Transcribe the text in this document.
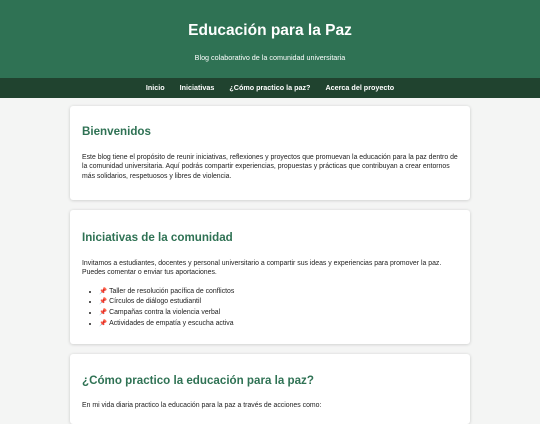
Educación para la Paz

Blog colaborativo de la comunidad universitaria

Inicio	Iniciativas	¿Cómo practico la paz?	Acerca del proyecto
Bienvenidos

Este blog tiene el propósito de reunir iniciativas, reflexiones y proyectos que promuevan la educación para la paz dentro de la comunidad universitaria. Aquí podrás compartir experiencias, propuestas y prácticas que contribuyan a crear entornos más solidarios, respetuosos y libres de violencia.

Iniciativas de la comunidad

Invitamos a estudiantes, docentes y personal universitario a compartir sus ideas y experiencias para promover la paz. Puedes comentar o enviar tus aportaciones.

• 📌 Taller de resolución pacífica de conflictos
• 📌 Círculos de diálogo estudiantil
• 📌 Campañas contra la violencia verbal
• 📌 Actividades de empatía y escucha activa
¿Cómo practico la educación para la paz?

En mi vida diaria practico la educación para la paz a través de acciones como:
